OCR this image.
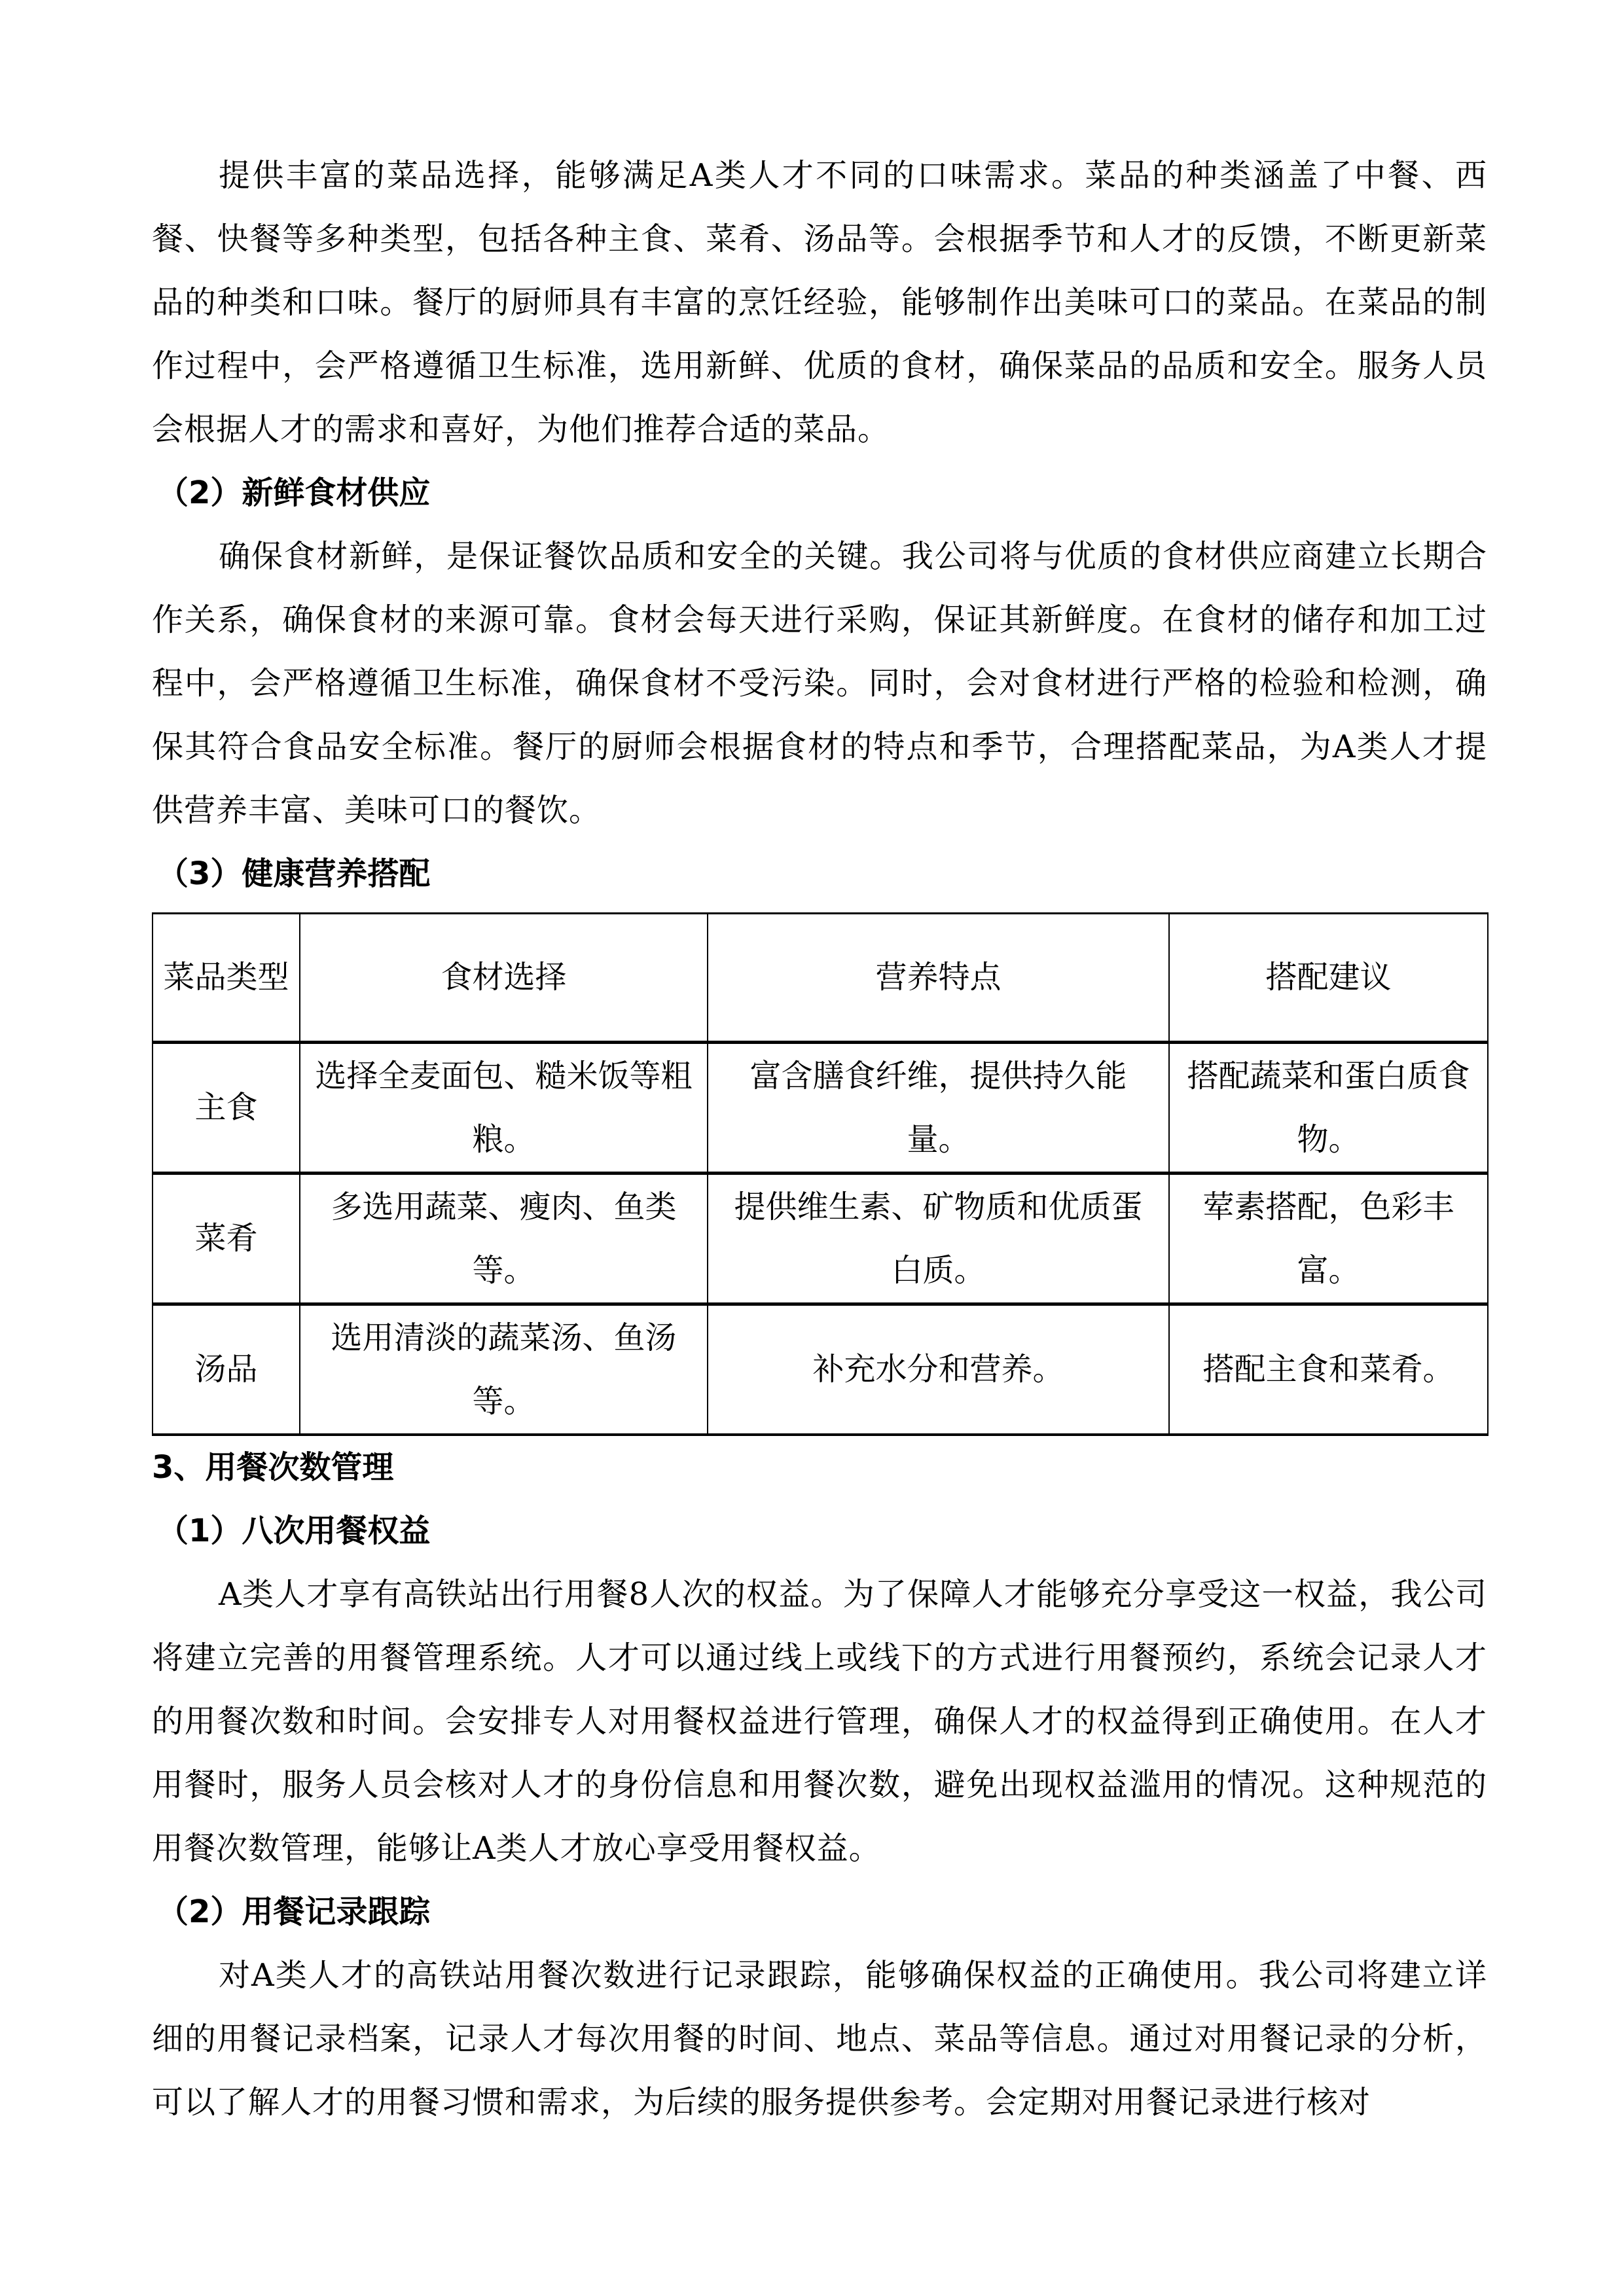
提供丰富的菜品选择，能够满足A类人才不同的口味需求。菜品的种类涵盖了中餐、西餐、快餐等多种类型，包括各种主食、菜肴、汤品等。会根据季节和人才的反馈，不断更新菜品的种类和口味。餐厅的厨师具有丰富的烹饪经验，能够制作出美味可口的菜品。在菜品的制作过程中，会严格遵循卫生标准，选用新鲜、优质的食材，确保菜品的品质和安全。服务人员会根据人才的需求和喜好，为他们推荐合适的菜品。

（2）新鲜食材供应

确保食材新鲜，是保证餐饮品质和安全的关键。我公司将与优质的食材供应商建立长期合作关系，确保食材的来源可靠。食材会每天进行采购，保证其新鲜度。在食材的储存和加工过程中，会严格遵循卫生标准，确保食材不受污染。同时，会对食材进行严格的检验和检测，确保其符合食品安全标准。餐厅的厨师会根据食材的特点和季节，合理搭配菜品，为A类人才提供营养丰富、美味可口的餐饮。

（3）健康营养搭配

菜品类型	食材选择	营养特点	搭配建议
主食	选择全麦面包、糙米饭等粗粮。	富含膳食纤维，提供持久能量。	搭配蔬菜和蛋白质食物。
菜肴	多选用蔬菜、瘦肉、鱼类等。	提供维生素、矿物质和优质蛋白质。	荤素搭配，色彩丰富。
汤品	选用清淡的蔬菜汤、鱼汤等。	补充水分和营养。	搭配主食和菜肴。

3、用餐次数管理

（1）八次用餐权益

A类人才享有高铁站出行用餐8人次的权益。为了保障人才能够充分享受这一权益，我公司将建立完善的用餐管理系统。人才可以通过线上或线下的方式进行用餐预约，系统会记录人才的用餐次数和时间。会安排专人对用餐权益进行管理，确保人才的权益得到正确使用。在人才用餐时，服务人员会核对人才的身份信息和用餐次数，避免出现权益滥用的情况。这种规范的用餐次数管理，能够让A类人才放心享受用餐权益。

（2）用餐记录跟踪

对A类人才的高铁站用餐次数进行记录跟踪，能够确保权益的正确使用。我公司将建立详细的用餐记录档案，记录人才每次用餐的时间、地点、菜品等信息。通过对用餐记录的分析，可以了解人才的用餐习惯和需求，为后续的服务提供参考。会定期对用餐记录进行核对
